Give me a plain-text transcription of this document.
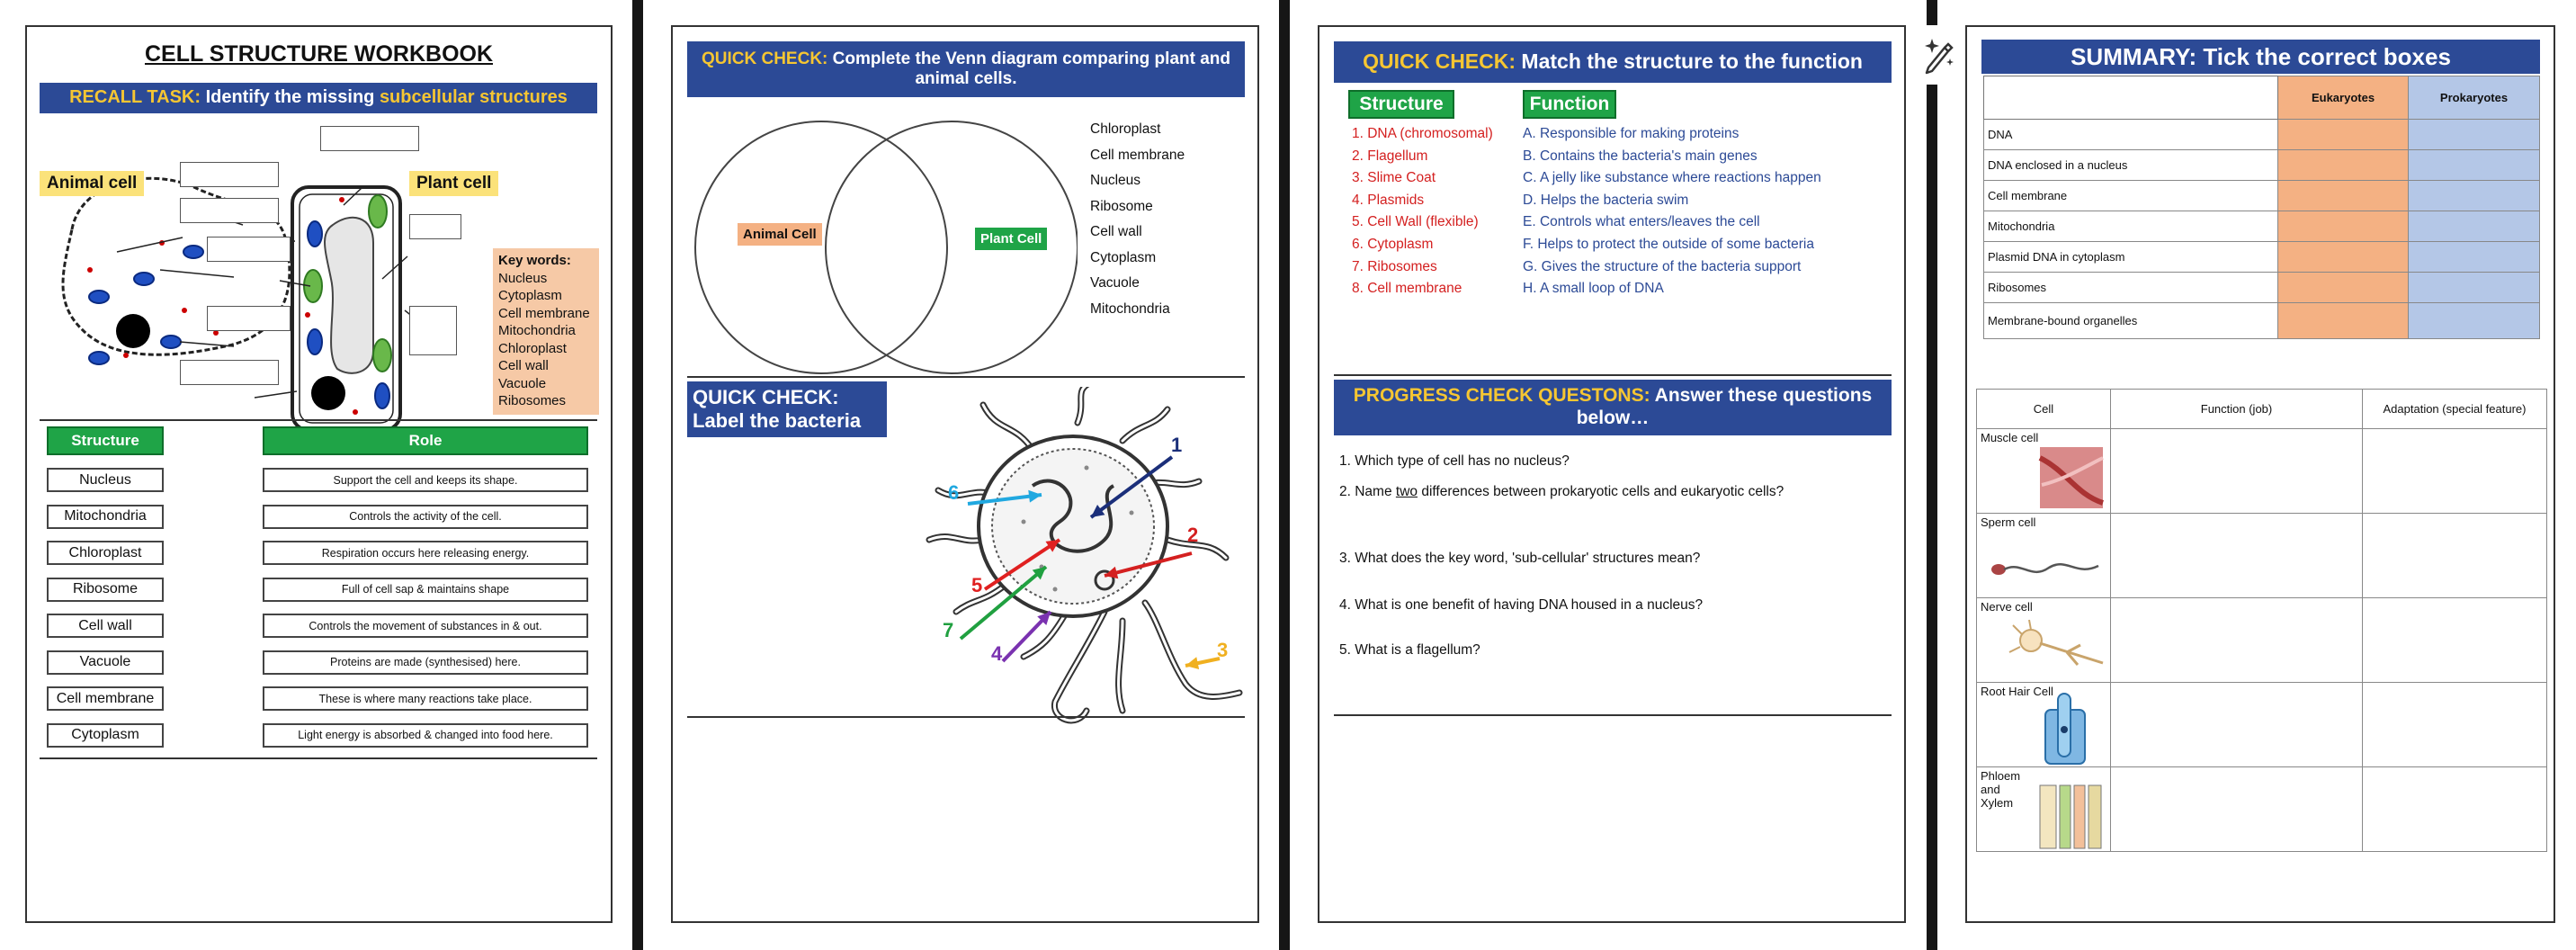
CELL STRUCTURE WORKBOOK
RECALL TASK: Identify the missing subcellular structures
Animal cell	Plant cell
Key words:
Nucleus
Cytoplasm
Cell membrane
Mitochondria
Chloroplast
Cell wall
Vacuole
Ribosomes
Structure	Role
Nucleus	Support the cell and keeps its shape.
Mitochondria	Controls the activity of the cell.
Chloroplast	Respiration occurs here releasing energy.
Ribosome	Full of cell sap & maintains shape
Cell wall	Controls the movement of substances in & out.
Vacuole	Proteins are made (synthesised) here.
Cell membrane	These is where many reactions take place.
Cytoplasm	Light energy is absorbed & changed into food here.
QUICK CHECK: Complete the Venn diagram comparing plant and animal cells.
Animal Cell	Plant Cell
Chloroplast
Cell membrane
Nucleus
Ribosome
Cell wall
Cytoplasm
Vacuole
Mitochondria
QUICK CHECK:
Label the bacteria
1
2
3
4
5
6
7
QUICK CHECK: Match the structure to the function
Structure	Function
1. DNA (chromosomal) A. Responsible for making proteins
2. Flagellum	B. Contains the bacteria's main genes
3. Slime Coat	C. A jelly like substance where reactions happen
4. Plasmids	D. Helps the bacteria swim
5. Cell Wall (flexible)	E. Controls what enters/leaves the cell
6. Cytoplasm	F. Helps to protect the outside of some bacteria
7. Ribosomes	G. Gives the structure of the bacteria support
8. Cell membrane	H. A small loop of DNA
PROGRESS CHECK QUESTONS: Answer these questions below…
1. Which type of cell has no nucleus?
2. Name two differences between prokaryotic cells and eukaryotic cells?
3. What does the key word, 'sub-cellular' structures mean?
4. What is one benefit of having DNA housed in a nucleus?
5. What is a flagellum?
SUMMARY: Tick the correct boxes
	Eukaryotes	Prokaryotes
DNA		
DNA enclosed in a nucleus		
Cell membrane		
Mitochondria		
Plasmid DNA in cytoplasm		
Ribosomes		
Membrane-bound organelles		
Cell	Function (job)	Adaptation (special feature)

Muscle cell		

Sperm cell		

Nerve cell		

Root Hair Cell		

Phloem and Xylem		
